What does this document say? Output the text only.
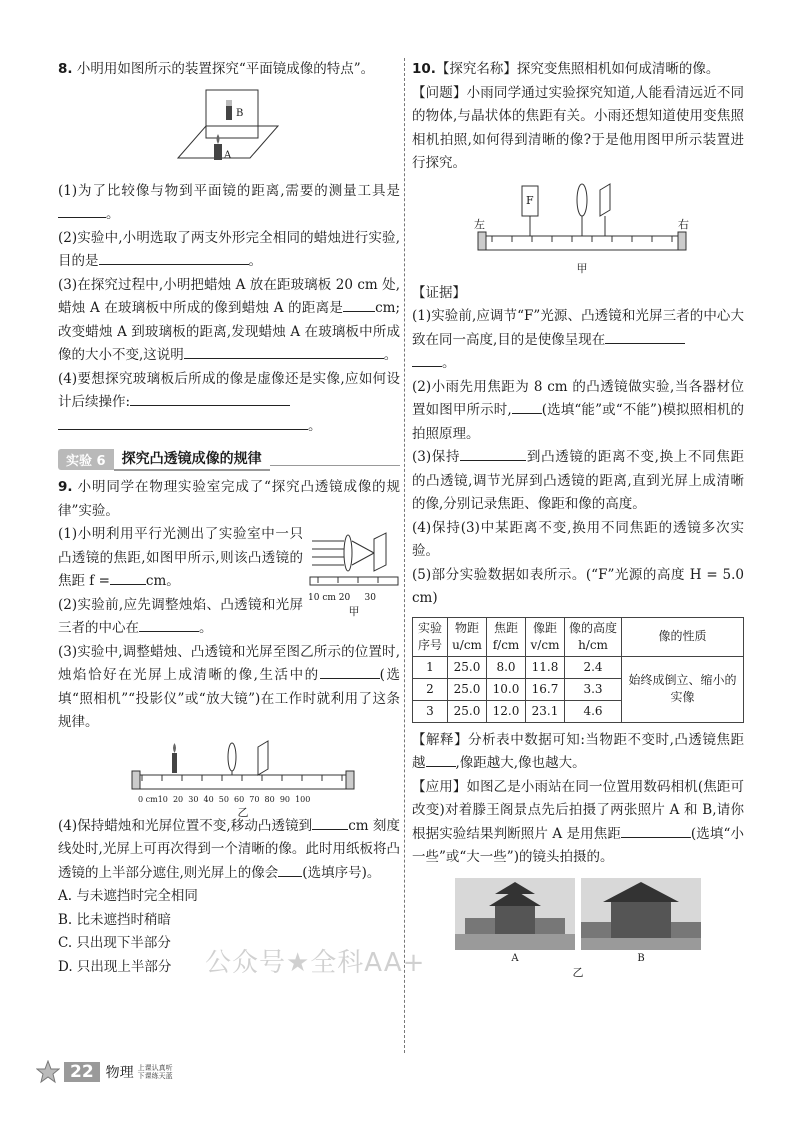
8. 小明用如图所示的装置探究“平面镜成像的特点”。

B
A

(1)为了比较像与物到平面镜的距离,需要的测量工具是。

(2)实验中,小明选取了两支外形完全相同的蜡烛进行实验,目的是	。

(3)在探究过程中,小明把蜡烛 A 放在距玻璃板 20 cm 处,蜡烛 A 在玻璃板中所成的像到蜡烛 A 的距离是 cm;改变蜡烛 A 到玻璃板的距离,发现蜡烛 A 在玻璃板中所成像的大小不变,这说明	。

(4)要想探究玻璃板后所成的像是虚像还是实像,应如何设计后续操作:
。

实验 6	探究凸透镜成像的规律

9. 小明同学在物理实验室完成了“探究凸透镜成像的规律”实验。

(1)小明利用平行光测出了实验室中一只凸透镜的焦距,如图甲所示,则该凸透镜的焦距 f =	cm。

10 cm 20     30
甲

(2)实验前,应先调整烛焰、凸透镜和光屏三者的中心在	。

(3)实验中,调整蜡烛、凸透镜和光屏至图乙所示的位置时,烛焰恰好在光屏上成清晰的像,生活中的	(选填“照相机”“投影仪”或“放大镜”)在工作时就利用了这条规律。

0 cm10  20  30  40  50  60  70  80  90  100
乙

(4)保持蜡烛和光屏位置不变,移动凸透镜到	cm 刻度线处时,光屏上可再次得到一个清晰的像。此时用纸板将凸透镜的上半部分遮住,则光屏上的像会 (选填序号)。

A. 与未遮挡时完全相同

B. 比未遮挡时稍暗

C. 只出现下半部分

D. 只出现上半部分

10.【探究名称】探究变焦照相机如何成清晰的像。

【问题】小雨同学通过实验探究知道,人能看清远近不同的物体,与晶状体的焦距有关。小雨还想知道使用变焦照相机拍照,如何得到清晰的像?于是他用图甲所示装置进行探究。

F
左	右
甲

【证据】

(1)实验前,应调节“F”光源、凸透镜和光屏三者的中心大致在同一高度,目的是使像呈现在
。

(2)小雨先用焦距为 8 cm 的凸透镜做实验,当各器材位置如图甲所示时, (选填“能”或“不能”)模拟照相机的拍照原理。

(3)保持	到凸透镜的距离不变,换上不同焦距的凸透镜,调节光屏到凸透镜的距离,直到光屏上成清晰的像,分别记录焦距、像距和像的高度。

(4)保持(3)中某距离不变,换用不同焦距的透镜多次实验。

(5)部分实验数据如表所示。(“F”光源的高度 H = 5.0 cm)

实验序号	物距 u/cm	焦距 f/cm	像距 v/cm	像的高度 h/cm	像的性质
1	25.0	8.0	11.8	2.4	始终成倒立、缩小的实像
2	25.0	10.0	16.7	3.3	
3	25.0	12.0	23.1	4.6	

【解释】分析表中数据可知:当物距不变时,凸透镜焦距越 ,像距越大,像也越大。

【应用】如图乙是小雨站在同一位置用数码相机(焦距可改变)对着滕王阁景点先后拍摄了两张照片 A 和 B,请你根据实验结果判断照片 A 是用焦距	(选填“小一些”或“大一些”)的镜头拍摄的。

A	B
乙
公众号★全科AA+
22 物理 上课认真听
下课练天蓝
